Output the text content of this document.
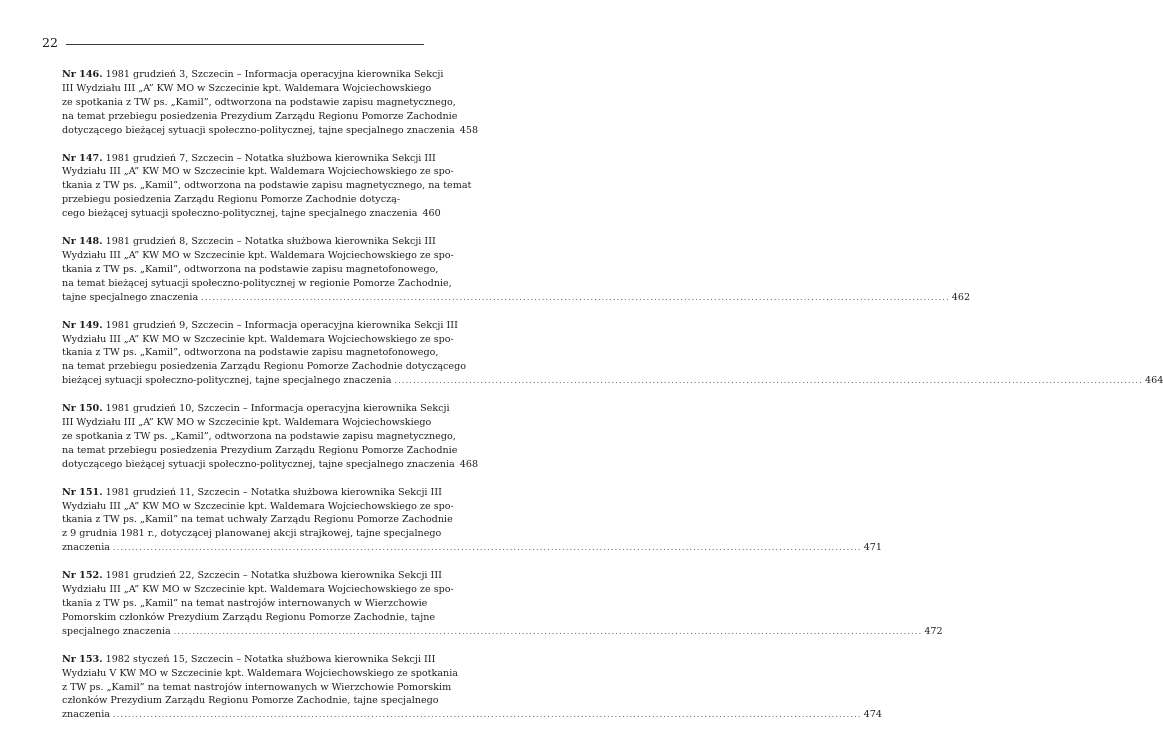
22
Nr 146. 1981 grudzień 3, Szczecin – Informacja operacyjna kierownika Sekcji
III Wydziału III „A” KW MO w Szczecinie kpt. Waldemara Wojciechowskiego
ze spotkania z TW ps. „Kamil”, odtworzona na podstawie zapisu magnetycznego,
na temat przebiegu posiedzenia Prezydium Zarządu Regionu Pomorze Zachodnie
dotyczącego bieżącej sytuacji społeczno-politycznej, tajne specjalnego znaczenia 458
Nr 147. 1981 grudzień 7, Szczecin – Notatka służbowa kierownika Sekcji III
Wydziału III „A” KW MO w Szczecinie kpt. Waldemara Wojciechowskiego ze spo-
tkania z TW ps. „Kamil”, odtworzona na podstawie zapisu magnetycznego, na temat
przebiegu posiedzenia Zarządu Regionu Pomorze Zachodnie dotyczą-
cego bieżącej sytuacji społeczno-politycznej, tajne specjalnego znaczenia 460
Nr 148. 1981 grudzień 8, Szczecin – Notatka służbowa kierownika Sekcji III
Wydziału III „A” KW MO w Szczecinie kpt. Waldemara Wojciechowskiego ze spo-
tkania z TW ps. „Kamil”, odtworzona na podstawie zapisu magnetofonowego,
na temat bieżącej sytuacji społeczno-politycznej w regionie Pomorze Zachodnie,
tajne specjalnego znaczenia ........................................................................................................................................................................................................ 462
Nr 149. 1981 grudzień 9, Szczecin – Informacja operacyjna kierownika Sekcji III
Wydziału III „A” KW MO w Szczecinie kpt. Waldemara Wojciechowskiego ze spo-
tkania z TW ps. „Kamil”, odtworzona na podstawie zapisu magnetofonowego,
na temat przebiegu posiedzenia Zarządu Regionu Pomorze Zachodnie dotyczącego
bieżącej sytuacji społeczno-politycznej, tajne specjalnego znaczenia ........................................................................................................................................................................................................ 464
Nr 150. 1981 grudzień 10, Szczecin – Informacja operacyjna kierownika Sekcji
III Wydziału III „A” KW MO w Szczecinie kpt. Waldemara Wojciechowskiego
ze spotkania z TW ps. „Kamil”, odtworzona na podstawie zapisu magnetycznego,
na temat przebiegu posiedzenia Prezydium Zarządu Regionu Pomorze Zachodnie
dotyczącego bieżącej sytuacji społeczno-politycznej, tajne specjalnego znaczenia 468
Nr 151. 1981 grudzień 11, Szczecin – Notatka służbowa kierownika Sekcji III
Wydziału III „A” KW MO w Szczecinie kpt. Waldemara Wojciechowskiego ze spo-
tkania z TW ps. „Kamil” na temat uchwały Zarządu Regionu Pomorze Zachodnie
z 9 grudnia 1981 r., dotyczącej planowanej akcji strajkowej, tajne specjalnego
znaczenia ........................................................................................................................................................................................................ 471
Nr 152. 1981 grudzień 22, Szczecin – Notatka służbowa kierownika Sekcji III
Wydziału III „A” KW MO w Szczecinie kpt. Waldemara Wojciechowskiego ze spo-
tkania z TW ps. „Kamil” na temat nastrojów internowanych w Wierzchowie
Pomorskim członków Prezydium Zarządu Regionu Pomorze Zachodnie, tajne
specjalnego znaczenia ........................................................................................................................................................................................................ 472
Nr 153. 1982 styczeń 15, Szczecin – Notatka służbowa kierownika Sekcji III
Wydziału V KW MO w Szczecinie kpt. Waldemara Wojciechowskiego ze spotkania
z TW ps. „Kamil” na temat nastrojów internowanych w Wierzchowie Pomorskim
członków Prezydium Zarządu Regionu Pomorze Zachodnie, tajne specjalnego
znaczenia ........................................................................................................................................................................................................ 474
